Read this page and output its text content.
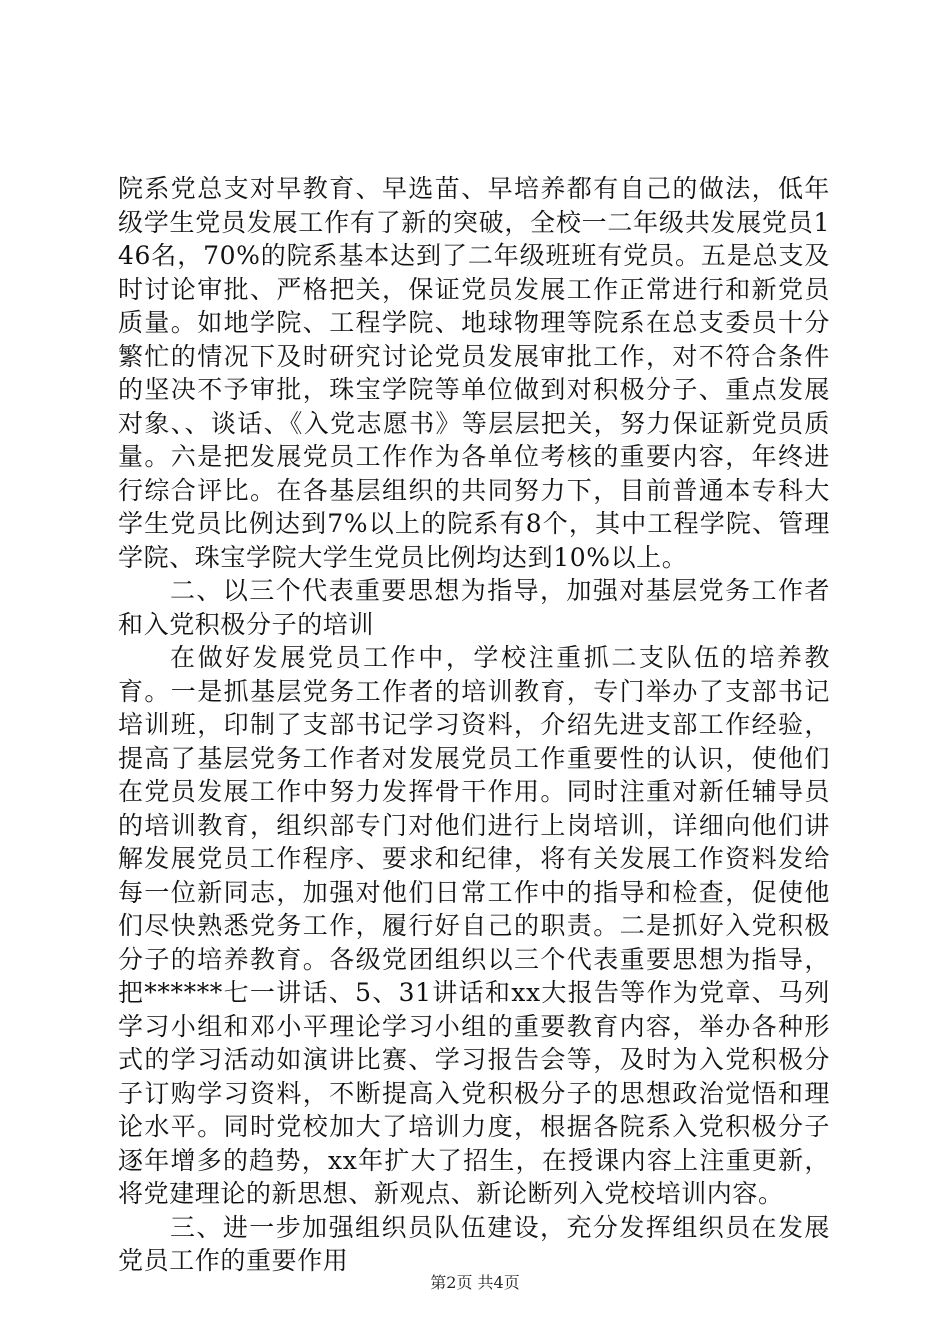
院系党总支对早教育、早选苗、早培养都有自己的做法，低年级学生党员发展工作有了新的突破，全校一二年级共发展党员146名，70%的院系基本达到了二年级班班有党员。五是总支及时讨论审批、严格把关，保证党员发展工作正常进行和新党员质量。如地学院、工程学院、地球物理等院系在总支委员十分繁忙的情况下及时研究讨论党员发展审批工作，对不符合条件的坚决不予审批，珠宝学院等单位做到对积极分子、重点发展对象、、谈话、《入党志愿书》等层层把关，努力保证新党员质量。六是把发展党员工作作为各单位考核的重要内容，年终进行综合评比。在各基层组织的共同努力下，目前普通本专科大学生党员比例达到7%以上的院系有8个，其中工程学院、管理学院、珠宝学院大学生党员比例均达到10%以上。

二、以三个代表重要思想为指导，加强对基层党务工作者和入党积极分子的培训

在做好发展党员工作中，学校注重抓二支队伍的培养教育。一是抓基层党务工作者的培训教育，专门举办了支部书记培训班，印制了支部书记学习资料，介绍先进支部工作经验，提高了基层党务工作者对发展党员工作重要性的认识，使他们在党员发展工作中努力发挥骨干作用。同时注重对新任辅导员的培训教育，组织部专门对他们进行上岗培训，详细向他们讲解发展党员工作程序、要求和纪律，将有关发展工作资料发给每一位新同志，加强对他们日常工作中的指导和检查，促使他们尽快熟悉党务工作，履行好自己的职责。二是抓好入党积极分子的培养教育。各级党团组织以三个代表重要思想为指导，把******七一讲话、5、31讲话和xx大报告等作为党章、马列学习小组和邓小平理论学习小组的重要教育内容，举办各种形式的学习活动如演讲比赛、学习报告会等，及时为入党积极分子订购学习资料，不断提高入党积极分子的思想政治觉悟和理论水平。同时党校加大了培训力度，根据各院系入党积极分子逐年增多的趋势，xx年扩大了招生，在授课内容上注重更新，将党建理论的新思想、新观点、新论断列入党校培训内容。

三、进一步加强组织员队伍建设，充分发挥组织员在发展党员工作的重要作用

第2页 共4页
